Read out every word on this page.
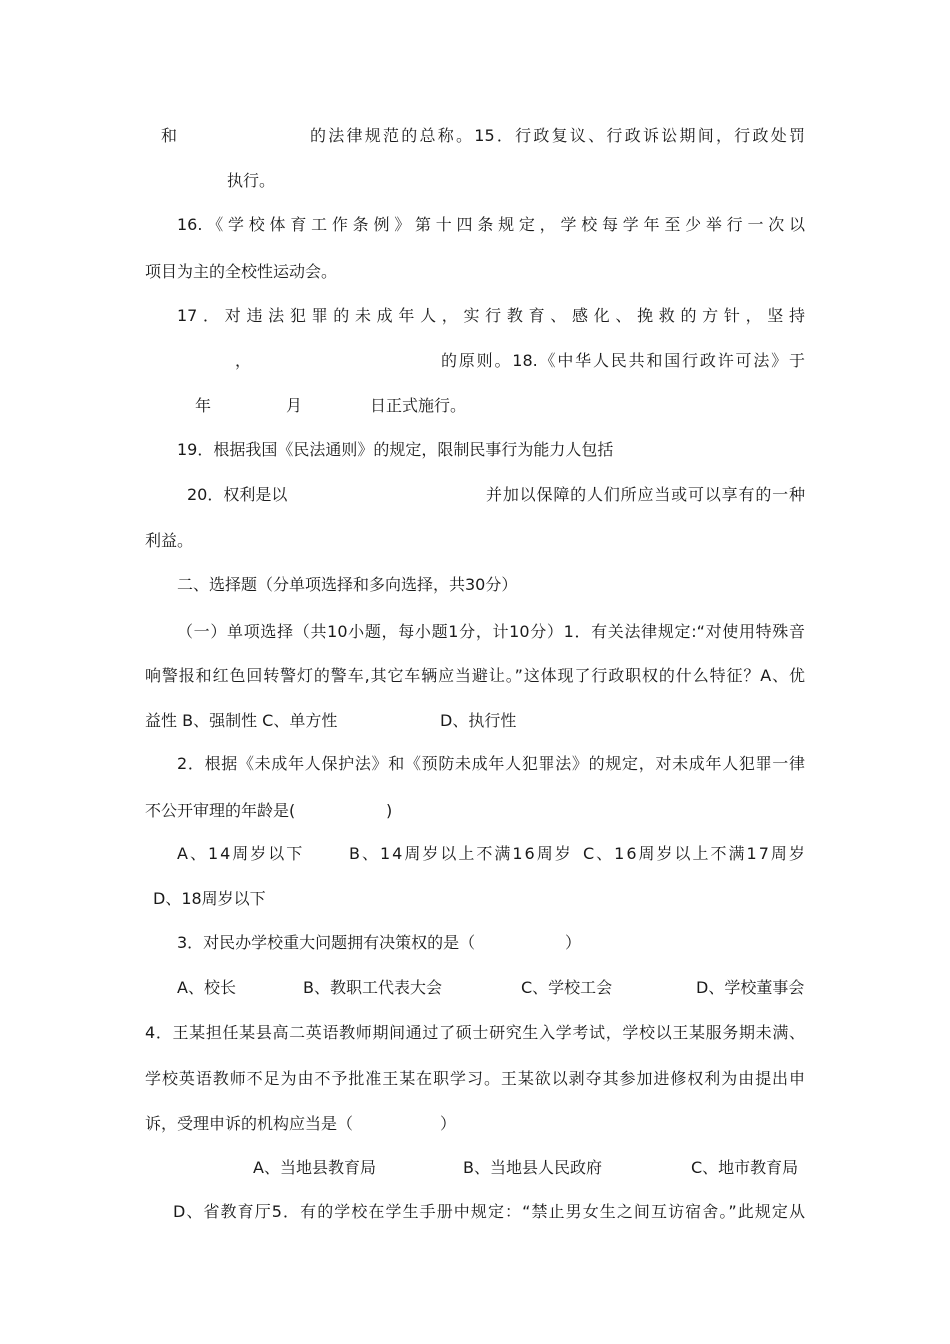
和	的法律规范的总称。15．行政复议、行政诉讼期间，行政处罚
执行。
16.《学校体育工作条例》第十四条规定，学校每学年至少举行一次以
项目为主的全校性运动会。
17．对违法犯罪的未成年人，实行教育、感化、挽救的方针，坚持
，	的原则。18.《中华人民共和国行政许可法》于
年	月	日正式施行。
19．根据我国《民法通则》的规定，限制民事行为能力人包括
20．权利是以	并加以保障的人们所应当或可以享有的一种
利益。
二、选择题（分单项选择和多向选择，共30分）
（一）单项选择（共10小题，每小题1分，计10分）1．有关法律规定:“对使用特殊音
响警报和红色回转警灯的警车,其它车辆应当避让。”这体现了行政职权的什么特征？A、优
益性 B、强制性 C、单方性	D、执行性
2．根据《未成年人保护法》和《预防未成年人犯罪法》的规定，对未成年人犯罪一律
不公开审理的年龄是(	)
A、14周岁以下	B、14周岁以上不满16周岁 C、16周岁以上不满17周岁
D、18周岁以下
3．对民办学校重大问题拥有决策权的是（	）
A、校长	B、教职工代表大会	C、学校工会	D、学校董事会
4．王某担任某县高二英语教师期间通过了硕士研究生入学考试，学校以王某服务期未满、
学校英语教师不足为由不予批准王某在职学习。王某欲以剥夺其参加进修权利为由提出申
诉，受理申诉的机构应当是（	）
A、当地县教育局	B、当地县人民政府	C、地市教育局
D、省教育厅5．有的学校在学生手册中规定：“禁止男女生之间互访宿舍。”此规定从
